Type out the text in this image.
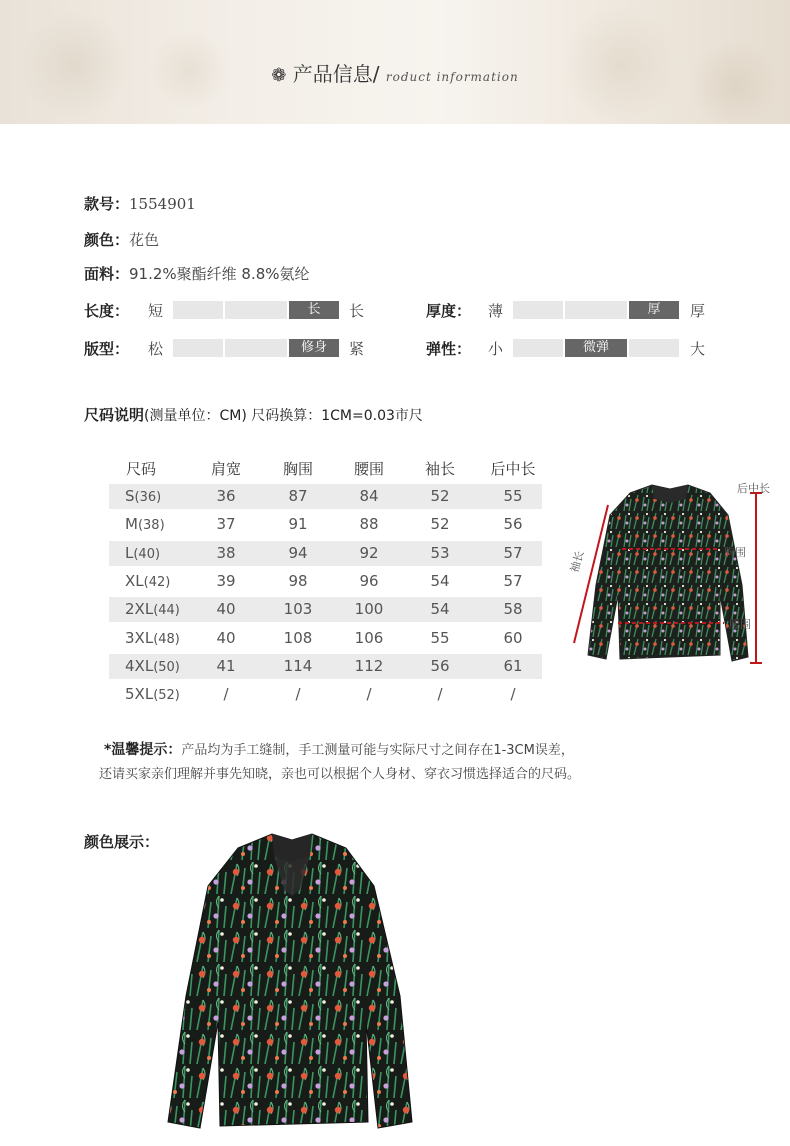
❁ 产品信息/ roduct information
款号：1554901
颜色：花色
面料：91.2%聚酯纤维 8.8%氨纶
长度： 短	长	长	厚度： 薄	厚	厚
版型： 松	修身	紧	弹性： 小	微弹	大
尺码说明(测量单位：CM) 尺码换算：1CM=0.03市尺
尺码	肩宽	胸围	腰围	袖长	后中长
S(36)	36	87	84	52	55
M(38)	37	91	88	52	56
L(40)	38	94	92	53	57
XL(42)	39	98	96	54	57
2XL(44)	40	103	100	54	58
3XL(48)	40	108	106	55	60
4XL(50)	41	114	112	56	61
5XL(52)	/	/	/	/	/
后中长
胸围
腰围
袖长
*温馨提示：产品均为手工缝制，手工测量可能与实际尺寸之间存在1-3CM误差，
还请买家亲们理解并事先知晓，亲也可以根据个人身材、穿衣习惯选择适合的尺码。
颜色展示：
